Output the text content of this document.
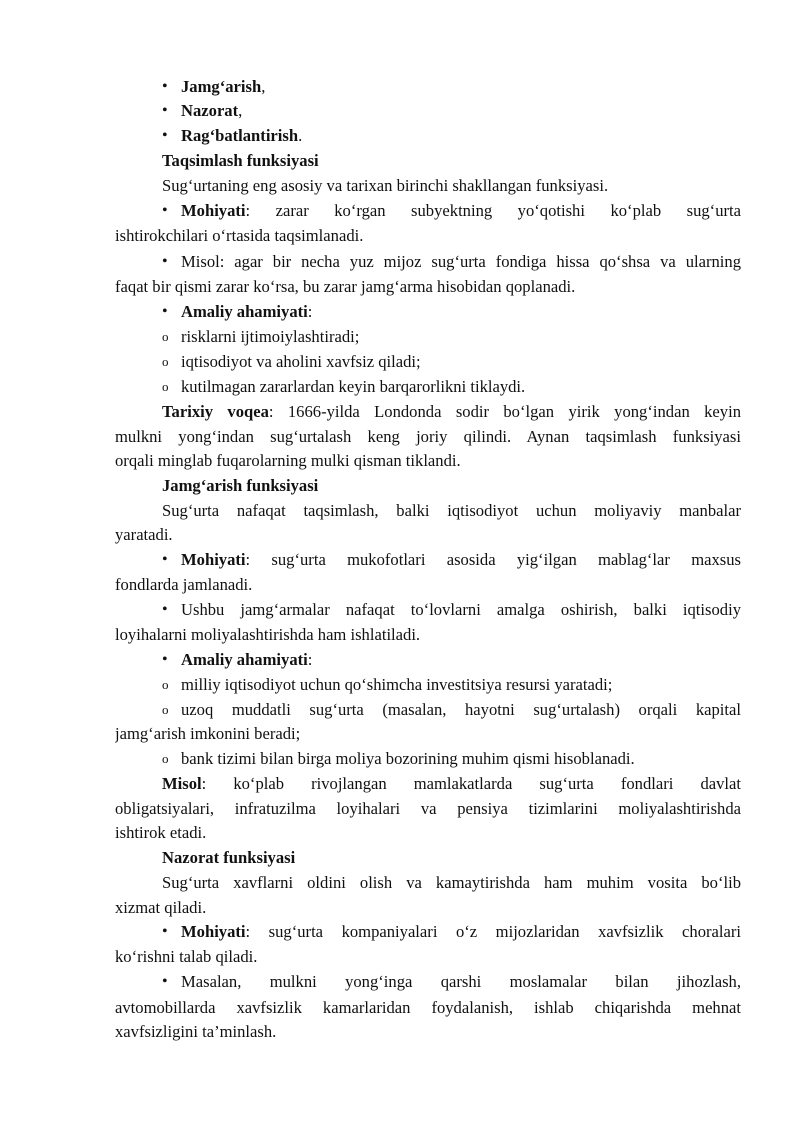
• Jamg‘arish,
• Nazorat,
• Rag‘batlantirish.
Taqsimlash funksiyasi
Sug‘urtaning eng asosiy va tarixan birinchi shakllangan funksiyasi.
• Mohiyati: zarar ko‘rgan subyektning yo‘qotishi ko‘plab sug‘urta
ishtirokchilari o‘rtasida taqsimlanadi.
• Misol: agar bir necha yuz mijoz sug‘urta fondiga hissa qo‘shsa va ularning
faqat bir qismi zarar ko‘rsa, bu zarar jamg‘arma hisobidan qoplanadi.
• Amaliy ahamiyati:
o risklarni ijtimoiylashtiradi;
o iqtisodiyot va aholini xavfsiz qiladi;
o kutilmagan zararlardan keyin barqarorlikni tiklaydi.
Tarixiy voqea: 1666-yilda Londonda sodir bo‘lgan yirik yong‘indan keyin
mulkni yong‘indan sug‘urtalash keng joriy qilindi. Aynan taqsimlash funksiyasi
orqali minglab fuqarolarning mulki qisman tiklandi.
Jamg‘arish funksiyasi
Sug‘urta nafaqat taqsimlash, balki iqtisodiyot uchun moliyaviy manbalar
yaratadi.
• Mohiyati: sug‘urta mukofotlari asosida yig‘ilgan mablag‘lar maxsus
fondlarda jamlanadi.
• Ushbu jamg‘armalar nafaqat to‘lovlarni amalga oshirish, balki iqtisodiy
loyihalarni moliyalashtirishda ham ishlatiladi.
• Amaliy ahamiyati:
o milliy iqtisodiyot uchun qo‘shimcha investitsiya resursi yaratadi;
o uzoq muddatli sug‘urta (masalan, hayotni sug‘urtalash) orqali kapital
jamg‘arish imkonini beradi;
o bank tizimi bilan birga moliya bozorining muhim qismi hisoblanadi.
Misol: ko‘plab rivojlangan mamlakatlarda sug‘urta fondlari davlat
obligatsiyalari, infratuzilma loyihalari va pensiya tizimlarini moliyalashtirishda
ishtirok etadi.
Nazorat funksiyasi
Sug‘urta xavflarni oldini olish va kamaytirishda ham muhim vosita bo‘lib
xizmat qiladi.
• Mohiyati: sug‘urta kompaniyalari o‘z mijozlaridan xavfsizlik choralari
ko‘rishni talab qiladi.
• Masalan, mulkni yong‘inga qarshi moslamalar bilan jihozlash,
avtomobillarda xavfsizlik kamarlaridan foydalanish, ishlab chiqarishda mehnat
xavfsizligini ta’minlash.
